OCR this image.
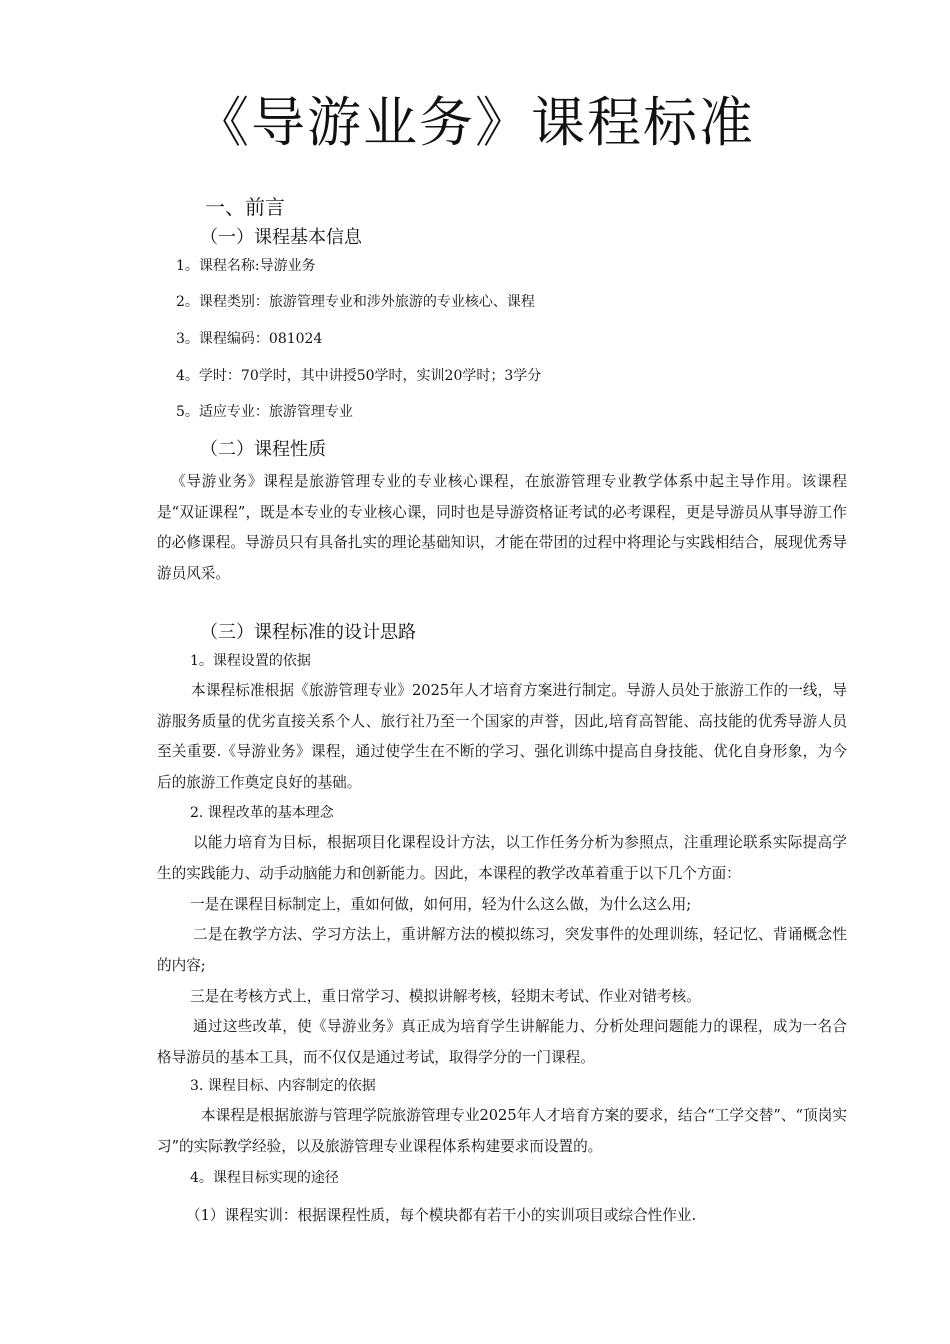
《导游业务》课程标准
一、前言
（一）课程基本信息
1。课程名称:导游业务
2。课程类别：旅游管理专业和涉外旅游的专业核心、课程
3。课程编码：081024
4。学时：70学时，其中讲授50学时，实训20学时；3学分
5。适应专业：旅游管理专业
（二）课程性质

《导游业务》课程是旅游管理专业的专业核心课程，在旅游管理专业教学体系中起主导作用。该课程是“双证课程”，既是本专业的专业核心课，同时也是导游资格证考试的必考课程，更是导游员从事导游工作的必修课程。导游员只有具备扎实的理论基础知识，才能在带团的过程中将理论与实践相结合，展现优秀导游员风采。

（三）课程标准的设计思路
1。课程设置的依据

本课程标准根据《旅游管理专业》2025年人才培育方案进行制定。导游人员处于旅游工作的一线，导游服务质量的优劣直接关系个人、旅行社乃至一个国家的声誉，因此,培育高智能、高技能的优秀导游人员至关重要.《导游业务》课程，通过使学生在不断的学习、强化训练中提高自身技能、优化自身形象，为今后的旅游工作奠定良好的基础。

2. 课程改革的基本理念

以能力培育为目标，根据项目化课程设计方法，以工作任务分析为参照点，注重理论联系实际提高学生的实践能力、动手动脑能力和创新能力。因此，本课程的教学改革着重于以下几个方面：

一是在课程目标制定上，重如何做，如何用，轻为什么这么做，为什么这么用;

二是在教学方法、学习方法上，重讲解方法的模拟练习，突发事件的处理训练，轻记忆、背诵概念性的内容;

三是在考核方式上，重日常学习、模拟讲解考核，轻期末考试、作业对错考核。

通过这些改革，使《导游业务》真正成为培育学生讲解能力、分析处理问题能力的课程，成为一名合格导游员的基本工具，而不仅仅是通过考试，取得学分的一门课程。

3. 课程目标、内容制定的依据

本课程是根据旅游与管理学院旅游管理专业2025年人才培育方案的要求，结合“工学交替”、“顶岗实习”的实际教学经验，以及旅游管理专业课程体系构建要求而设置的。

4。课程目标实现的途径
（1）课程实训：根据课程性质，每个模块都有若干小的实训项目或综合性作业.
